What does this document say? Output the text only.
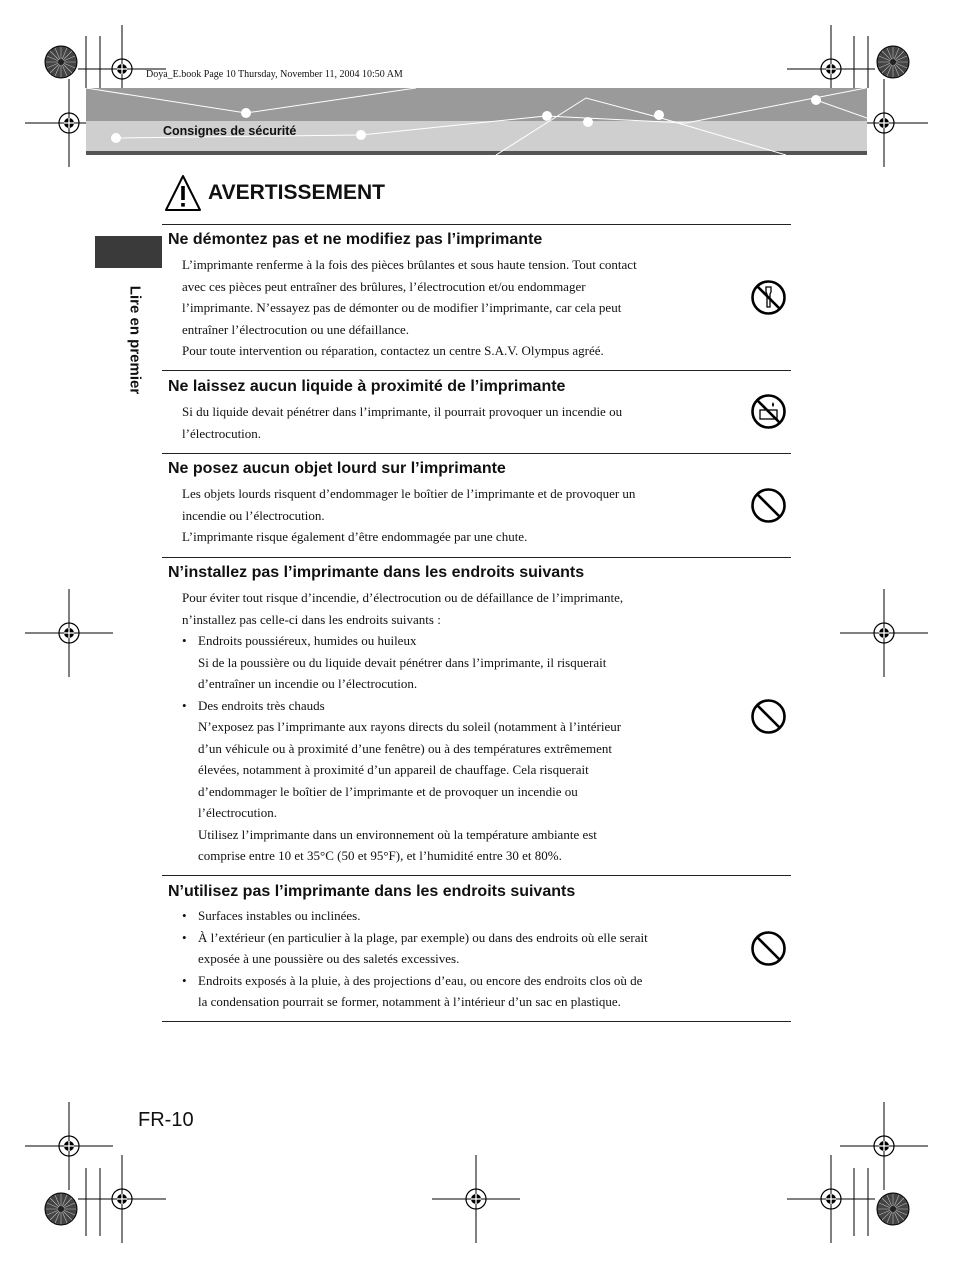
Doya_E.book Page 10 Thursday, November 11, 2004 10:50 AM
Consignes de sécurité
Lire en premier
AVERTISSEMENT
Ne démontez pas et ne modifiez pas l’imprimante

L’imprimante renferme à la fois des pièces brûlantes et sous haute tension. Tout contact

avec ces pièces peut entraîner des brûlures, l’électrocution et/ou endommager

l’imprimante. N’essayez pas de démonter ou de modifier l’imprimante, car cela peut

entraîner l’électrocution ou une défaillance.

Pour toute intervention ou réparation, contactez un centre S.A.V. Olympus agréé.

Ne laissez aucun liquide à proximité de l’imprimante

Si du liquide devait pénétrer dans l’imprimante, il pourrait provoquer un incendie ou

l’électrocution.

Ne posez aucun objet lourd sur l’imprimante

Les objets lourds risquent d’endommager le boîtier de l’imprimante et de provoquer un

incendie ou l’électrocution.

L’imprimante risque également d’être endommagée par une chute.

N’installez pas l’imprimante dans les endroits suivants

Pour éviter tout risque d’incendie, d’électrocution ou de défaillance de l’imprimante,

n’installez pas celle-ci dans les endroits suivants :

• Endroits poussiéreux, humides ou huileux

Si de la poussière ou du liquide devait pénétrer dans l’imprimante, il risquerait

d’entraîner un incendie ou l’électrocution.

• Des endroits très chauds

N’exposez pas l’imprimante aux rayons directs du soleil (notamment à l’intérieur

d’un véhicule ou à proximité d’une fenêtre) ou à des températures extrêmement

élevées, notamment à proximité d’un appareil de chauffage. Cela risquerait

d’endommager le boîtier de l’imprimante et de provoquer un incendie ou

l’électrocution.

Utilisez l’imprimante dans un environnement où la température ambiante est

comprise entre 10 et 35°C (50 et 95°F), et l’humidité entre 30 et 80%.

N’utilisez pas l’imprimante dans les endroits suivants

• Surfaces instables ou inclinées.

• À l’extérieur (en particulier à la plage, par exemple) ou dans des endroits où elle serait

exposée à une poussière ou des saletés excessives.

• Endroits exposés à la pluie, à des projections d’eau, ou encore des endroits clos où de

la condensation pourrait se former, notamment à l’intérieur d’un sac en plastique.

FR-10
